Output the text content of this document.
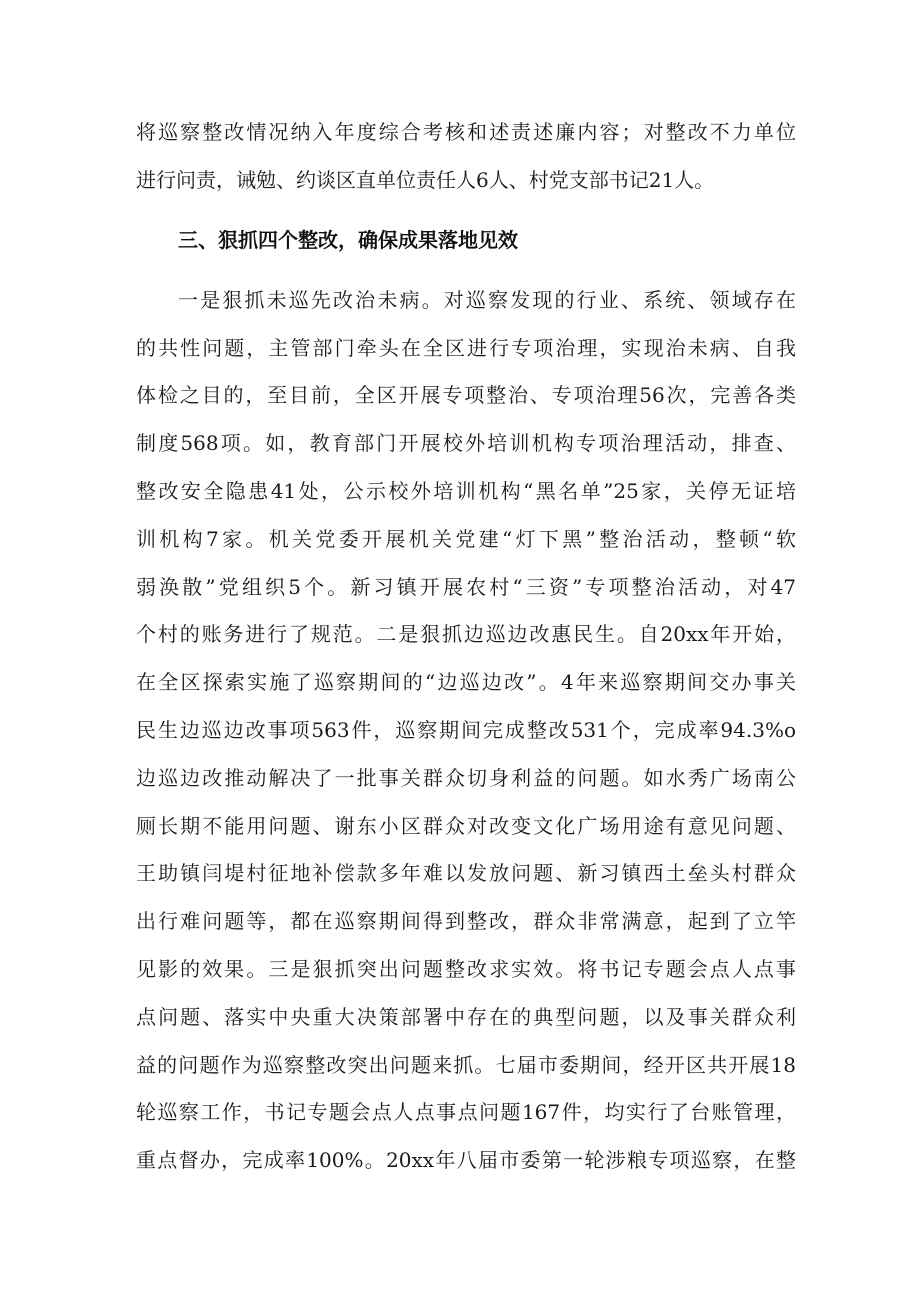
将巡察整改情况纳入年度综合考核和述责述廉内容；对整改不力单位
进行问责，诫勉、约谈区直单位责任人6人、村党支部书记21人。
三、狠抓四个整改，确保成果落地见效
一是狠抓未巡先改治未病。对巡察发现的行业、系统、领域存在
的共性问题，主管部门牵头在全区进行专项治理，实现治未病、自我
体检之目的，至目前，全区开展专项整治、专项治理56次，完善各类
制度568项。如，教育部门开展校外培训机构专项治理活动，排查、
整改安全隐患41处，公示校外培训机构“黑名单”25家，关停无证培
训机构7家。机关党委开展机关党建“灯下黑”整治活动，整顿“软
弱涣散”党组织5个。新习镇开展农村“三资”专项整治活动，对47
个村的账务进行了规范。二是狠抓边巡边改惠民生。自20xx年开始，
在全区探索实施了巡察期间的“边巡边改”。4年来巡察期间交办事关
民生边巡边改事项563件，巡察期间完成整改531个，完成率94.3%o
边巡边改推动解决了一批事关群众切身利益的问题。如水秀广场南公
厕长期不能用问题、谢东小区群众对改变文化广场用途有意见问题、
王助镇闫堤村征地补偿款多年难以发放问题、新习镇西土垒头村群众
出行难问题等，都在巡察期间得到整改，群众非常满意，起到了立竿
见影的效果。三是狠抓突出问题整改求实效。将书记专题会点人点事
点问题、落实中央重大决策部署中存在的典型问题，以及事关群众利
益的问题作为巡察整改突出问题来抓。七届市委期间，经开区共开展18
轮巡察工作，书记专题会点人点事点问题167件，均实行了台账管理，
重点督办，完成率100%。20xx年八届市委第一轮涉粮专项巡察，在整
